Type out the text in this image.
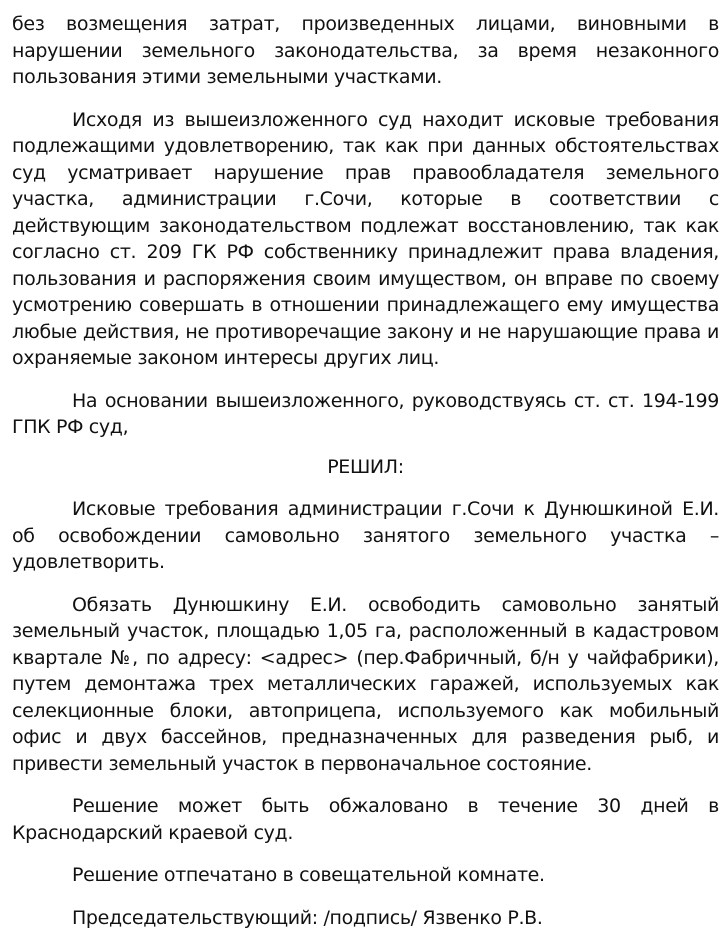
без возмещения затрат, произведенных лицами, виновными в нарушении земельного законодательства, за время незаконного пользования этими земельными участками.

Исходя из вышеизложенного суд находит исковые требования подлежащими удовлетворению, так как при данных обстоятельствах суд усматривает нарушение прав правообладателя земельного участка, администрации г.Сочи, которые в соответствии с действующим законодательством подлежат восстановлению, так как согласно ст. 209 ГК РФ собственнику принадлежит права владения, пользования и распоряжения своим имуществом, он вправе по своему усмотрению совершать в отношении принадлежащего ему имущества любые действия, не противоречащие закону и не нарушающие права и охраняемые законом интересы других лиц.

На основании вышеизложенного, руководствуясь ст. ст. 194-199 ГПК РФ суд,

РЕШИЛ:

Исковые требования администрации г.Сочи к Дунюшкиной Е.И. об освобождении самовольно занятого земельного участка – удовлетворить.

Обязать Дунюшкину Е.И. освободить самовольно занятый земельный участок, площадью 1,05 га, расположенный в кадастровом квартале №, по адресу: <адрес> (пер.Фабричный, б/н у чайфабрики), путем демонтажа трех металлических гаражей, используемых как селекционные блоки, автоприцепа, используемого как мобильный офис и двух бассейнов, предназначенных для разведения рыб, и привести земельный участок в первоначальное состояние.

Решение может быть обжаловано в течение 30 дней в Краснодарский краевой суд.

Решение отпечатано в совещательной комнате.

Председательствующий: /подпись/ Язвенко Р.В.
